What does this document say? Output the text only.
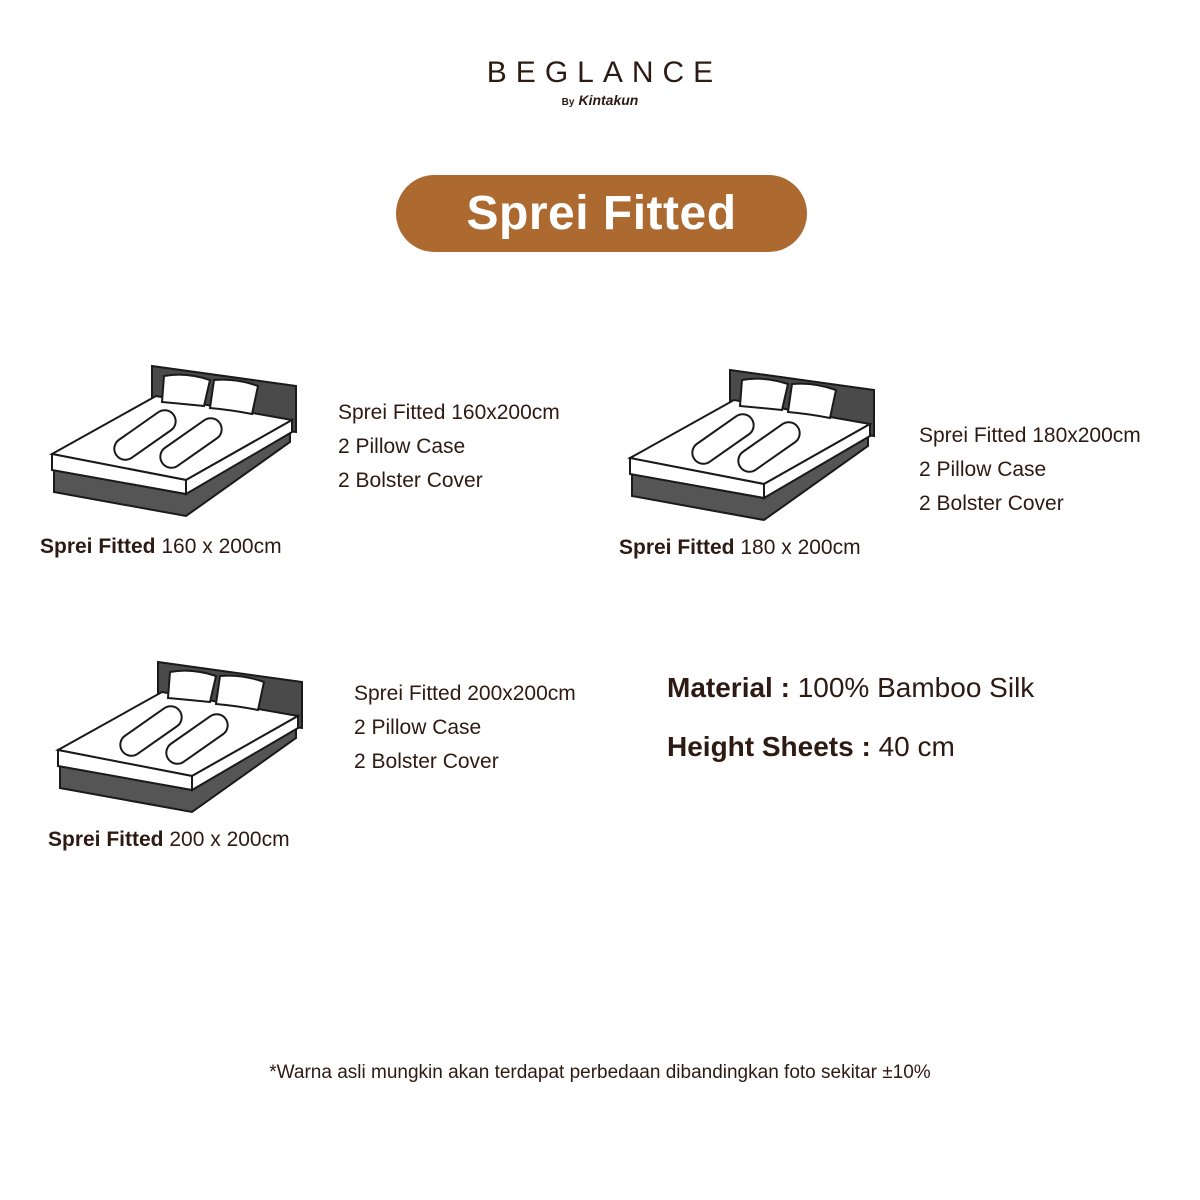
BEGLANCE
By Kintakun
Sprei Fitted
Sprei Fitted 160 x 200cm
Sprei Fitted 160x200cm
2 Pillow Case
2 Bolster Cover
Sprei Fitted 180 x 200cm
Sprei Fitted 180x200cm
2 Pillow Case
2 Bolster Cover
Sprei Fitted 200 x 200cm
Sprei Fitted 200x200cm
2 Pillow Case
2 Bolster Cover
Material : 100% Bamboo Silk
Height Sheets : 40 cm
*Warna asli mungkin akan terdapat perbedaan dibandingkan foto sekitar ±10%
